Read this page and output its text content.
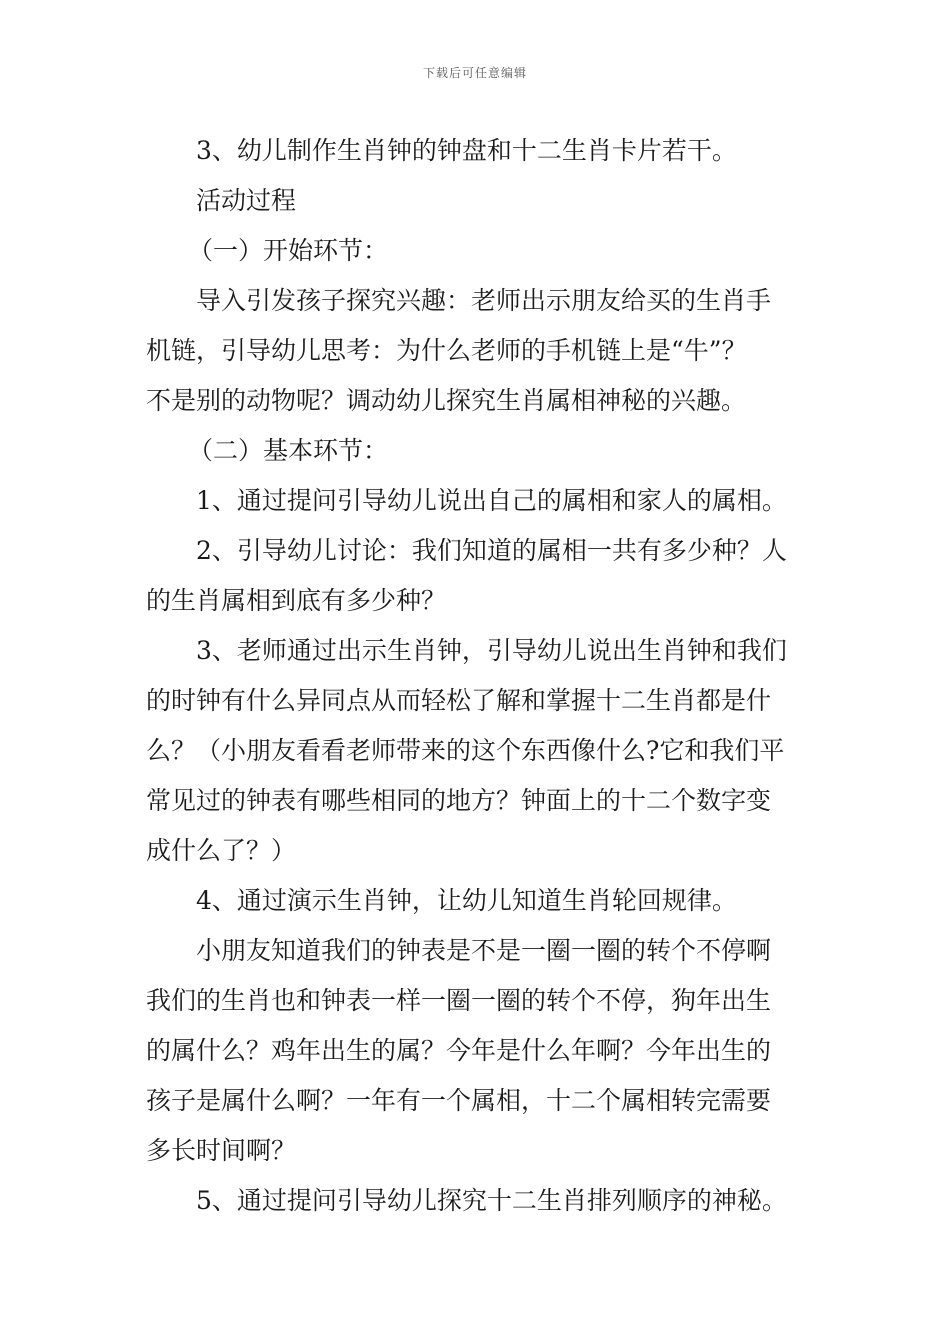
下载后可任意编辑
3、幼儿制作生肖钟的钟盘和十二生肖卡片若干。
活动过程
（一）开始环节：
导入引发孩子探究兴趣：老师出示朋友给买的生肖手
机链，引导幼儿思考：为什么老师的手机链上是“牛”？
不是别的动物呢？调动幼儿探究生肖属相神秘的兴趣。
（二）基本环节：
1、通过提问引导幼儿说出自己的属相和家人的属相。
2、引导幼儿讨论：我们知道的属相一共有多少种？人
的生肖属相到底有多少种？
3、老师通过出示生肖钟，引导幼儿说出生肖钟和我们
的时钟有什么异同点从而轻松了解和掌握十二生肖都是什
么？（小朋友看看老师带来的这个东西像什么?它和我们平
常见过的钟表有哪些相同的地方？钟面上的十二个数字变
成什么了？）
4、通过演示生肖钟，让幼儿知道生肖轮回规律。
小朋友知道我们的钟表是不是一圈一圈的转个不停啊
我们的生肖也和钟表一样一圈一圈的转个不停，狗年出生
的属什么？鸡年出生的属？今年是什么年啊？今年出生的
孩子是属什么啊？一年有一个属相，十二个属相转完需要
多长时间啊？
5、通过提问引导幼儿探究十二生肖排列顺序的神秘。
